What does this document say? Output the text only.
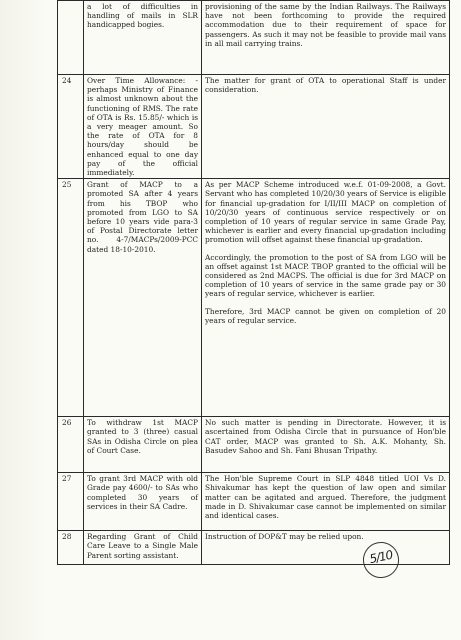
	a lot of difficulties in handling of mails in SLR handicapped bogies.	provisioning of the same by the Indian Railways. The Railways have not been forthcoming to provide the required accommodation due to their requirement of space for passengers. As such it may not be feasible to provide mail vans in all mail carrying trains.

24	Over Time Allowance: - perhaps Ministry of Finance is almost unknown about the functioning of RMS. The rate of OTA is Rs. 15.85/- which is a very meager amount. So the rate of OTA for 8 hours/day should be enhanced equal to one day pay of the official immediately.	The matter for grant of OTA to operational Staff is under consideration.

25	Grant of MACP to a promoted SA after 4 years from his TBOP who promoted from LGO to SA before 10 years vide para-3 of Postal Directorate letter no. 4-7/MACPs/2009-PCC dated 18-10-2010.	As per MACP Scheme introduced w.e.f. 01-09-2008, a Govt. Servant who has completed 10/20/30 years of Service is eligible for financial up-gradation for I/II/III MACP on completion of 10/20/30 years of continuous service respectively or on completion of 10 years of regular service in same Grade Pay, whichever is earlier and every financial up-gradation including promotion will offset against these financial up-gradation.
Accordingly, the promotion to the post of SA from LGO will be an offset against 1st MACP. TBOP granted to the official will be considered as 2nd MACPS. The official is due for 3rd MACP on completion of 10 years of service in the same grade pay or 30 years of regular service, whichever is earlier.
Therefore, 3rd MACP cannot be given on completion of 20 years of regular service.

26	To withdraw 1st MACP granted to 3 (three) casual SAs in Odisha Circle on plea of Court Case.	No such matter is pending in Directorate. However, it is ascertained from Odisha Circle that in pursuance of Hon'ble CAT order, MACP was granted to Sh. A.K. Mohanty, Sh. Basudev Sahoo and Sh. Fani Bhusan Tripathy.

27	To grant 3rd MACP with old Grade pay 4600/- to SAs who completed 30 years of services in their SA Cadre.	The Hon'ble Supreme Court in SLP 4848 titled UOI Vs D. Shivakumar has kept the question of law open and similar matter can be agitated and argued. Therefore, the judgment made in D. Shivakumar case cannot be implemented on similar and identical cases.

28	Regarding Grant of Child Care Leave to a Single Male Parent sorting assistant.	Instruction of DOP&T may be relied upon.
5/10
